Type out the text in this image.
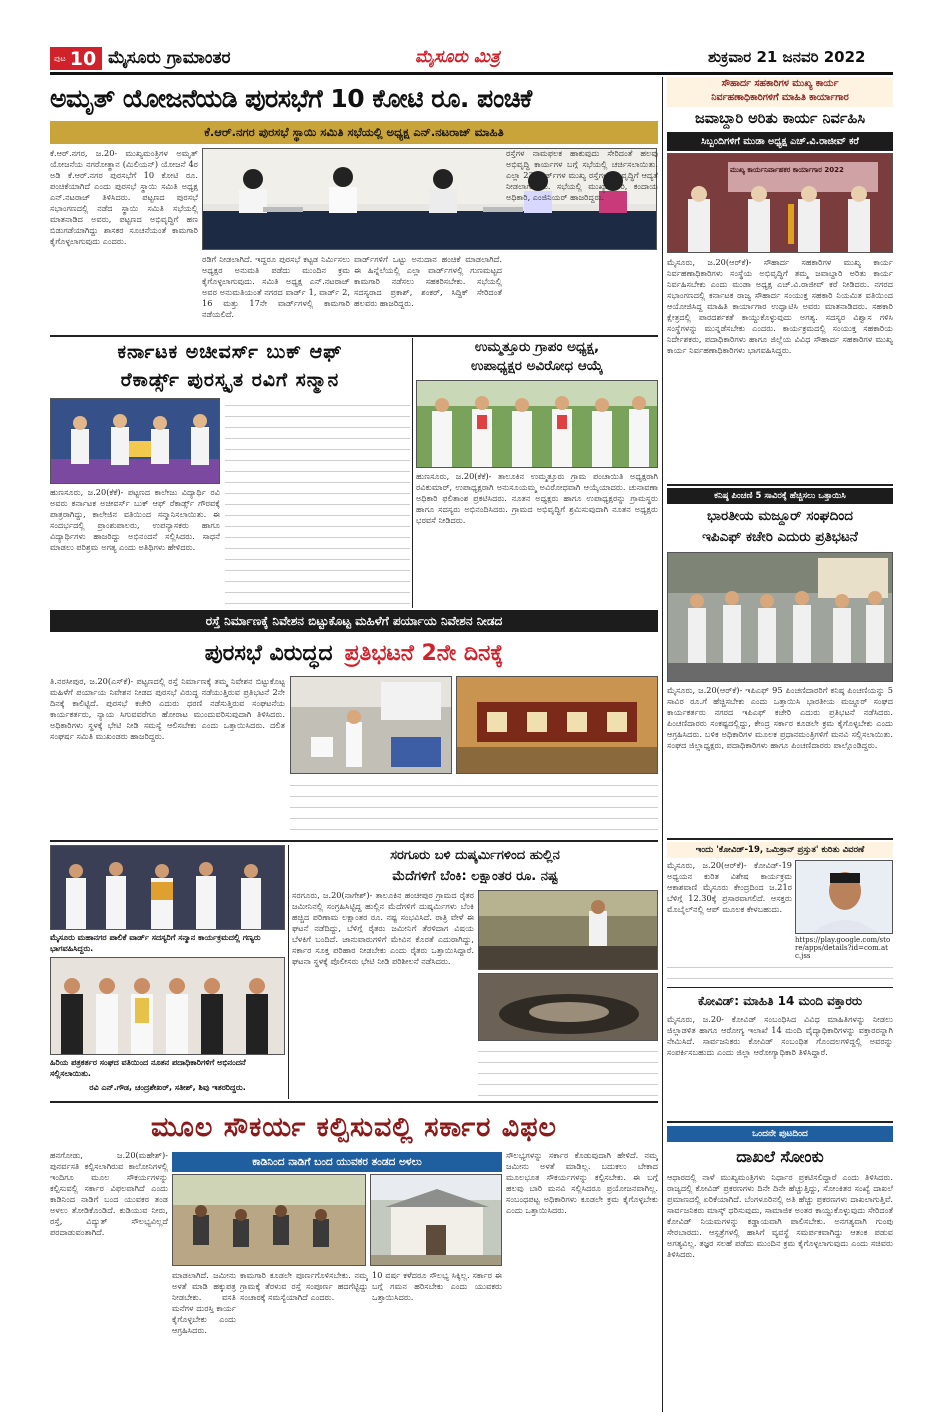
ಪುಟ 10 ಮೈಸೂರು ಗ್ರಾಮಾಂತರ	ಮೈಸೂರು ಮಿತ್ರ	ಶುಕ್ರವಾರ 21 ಜನವರಿ 2022
ಅಮೃತ್ ಯೋಜನೆಯಡಿ ಪುರಸಭೆಗೆ 10 ಕೋಟಿ ರೂ. ಪಂಚಿಕೆ
ಕೆ.ಆರ್.ನಗರ ಪುರಸಭೆ ಸ್ಥಾಯಿ ಸಮಿತಿ ಸಭೆಯಲ್ಲಿ ಅಧ್ಯಕ್ಷ ಎನ್.ನಟರಾಜ್ ಮಾಹಿತಿ
ಕೆ.ಆರ್.ನಗರ, ಜ.20- ಮುಖ್ಯಮಂತ್ರಿಗಳ ಅಮೃತ್ ಯೋಜನೆಯ ನಗರೋತ್ಥಾನ (ಮಿಲಿಯನ್) ಯೋಜನೆ 4ರ ಅಡಿ ಕೆ.ಆರ್.ನಗರ ಪುರಸಭೆಗೆ 10 ಕೋಟಿ ರೂ. ಪಂಚಿಕೆಯಾಗಿದೆ ಎಂದು ಪುರಸಭೆ ಸ್ಥಾಯಿ ಸಮಿತಿ ಅಧ್ಯಕ್ಷ ಎನ್.ನಟರಾಜ್ ತಿಳಿಸಿದರು. ಪಟ್ಟಣದ ಪುರಸಭೆ ಸಭಾಂಗಣದಲ್ಲಿ ನಡೆದ ಸ್ಥಾಯಿ ಸಮಿತಿ ಸಭೆಯಲ್ಲಿ ಮಾತನಾಡಿದ ಅವರು, ಪಟ್ಟಣದ ಅಭಿವೃದ್ಧಿಗೆ ಹಣ ಬಿಡುಗಡೆಯಾಗಿದ್ದು ಶಾಸಕರ ಸೂಚನೆಯಂತೆ ಕಾಮಗಾರಿ ಕೈಗೊಳ್ಳಲಾಗುವುದು ಎಂದರು.
ರಡಿಗೆ ನೀಡಲಾಗಿದೆ. ಇದ್ದರೂ ಪುರಸಭೆ ಕಟ್ಟಡ ನಿರ್ಮಿಸಲು ಅಧ್ಯಕ್ಷರ ಅನುಮತಿ ಪಡೆದು ಮುಂದಿನ ಕ್ರಮ ಕೈಗೊಳ್ಳಲಾಗುವುದು. ಸಮಿತಿ ಅಧ್ಯಕ್ಷ ಎನ್.ನಟರಾಜ್ ಅವರ ಅನುಮತಿಯಂತೆ ನಗರದ ವಾರ್ಡ್ 1, ವಾರ್ಡ್ 2, 16 ಮತ್ತು 17ನೇ ವಾರ್ಡ್‌ಗಳಲ್ಲಿ ಕಾಮಗಾರಿ ನಡೆಯಲಿದೆ.
ವಾರ್ಡ್‌ಗಳಿಗೆ ಒಟ್ಟು ಅನುದಾನ ಹಂಚಿಕೆ ಮಾಡಲಾಗಿದೆ. ಈ ಹಿನ್ನೆಲೆಯಲ್ಲಿ ಎಲ್ಲಾ ವಾರ್ಡ್‌ಗಳಲ್ಲಿ ಗುಣಮಟ್ಟದ ಕಾಮಗಾರಿ ನಡೆಸಲು ಸಹಕರಿಸಬೇಕು. ಸಭೆಯಲ್ಲಿ ಸದಸ್ಯರಾದ ಪ್ರಕಾಶ್, ಶಂಕರ್, ಸಿದ್ದಿಕ್ ಸೇರಿದಂತೆ ಹಲವರು ಹಾಜರಿದ್ದರು.
ರಸ್ತೆಗಳ ನಾಮಫಲಕ ಹಾಕುವುದು ಸೇರಿದಂತೆ ಹಲವು ಅಭಿವೃದ್ಧಿ ಕಾರ್ಯಗಳ ಬಗ್ಗೆ ಸಭೆಯಲ್ಲಿ ಚರ್ಚಿಸಲಾಯಿತು. ಎಲ್ಲಾ 23 ವಾರ್ಡ್‌ಗಳ ಮುಖ್ಯ ರಸ್ತೆಗಳ ಅಭಿವೃದ್ಧಿಗೆ ಆದ್ಯತೆ ನೀಡಲಾಗುವುದು. ಸಭೆಯಲ್ಲಿ ಮುಖ್ಯಾಧಿಕಾರಿ, ಕಂದಾಯ ಅಧಿಕಾರಿ, ಎಂಜಿನಿಯರ್ ಹಾಜರಿದ್ದರು.
ಸೌಹಾರ್ದ ಸಹಕಾರಿಗಳ ಮುಖ್ಯ ಕಾರ್ಯ
ನಿರ್ವಹಣಾಧಿಕಾರಿಗಳಿಗೆ ಮಾಹಿತಿ ಕಾರ್ಯಾಗಾರ
ಜವಾಬ್ದಾರಿ ಅರಿತು ಕಾರ್ಯ ನಿರ್ವಹಿಸಿ
ಸಿಬ್ಬಂದಿಗಳಿಗೆ ಮುಡಾ ಅಧ್ಯಕ್ಷ ಎಚ್.ವಿ.ರಾಜೀವ್ ಕರೆ
ಮುಖ್ಯ ಕಾರ್ಯನಿರ್ವಾಹಕರ ಕಾರ್ಯಾಗಾರ 2022
ಮೈಸೂರು, ಜ.20(ಆರ್‌ಕೆ)- ಸೌಹಾರ್ದ ಸಹಕಾರಿಗಳ ಮುಖ್ಯ ಕಾರ್ಯ ನಿರ್ವಹಣಾಧಿಕಾರಿಗಳು ಸಂಸ್ಥೆಯ ಅಭಿವೃದ್ಧಿಗೆ ತಮ್ಮ ಜವಾಬ್ದಾರಿ ಅರಿತು ಕಾರ್ಯ ನಿರ್ವಹಿಸಬೇಕು ಎಂದು ಮುಡಾ ಅಧ್ಯಕ್ಷ ಎಚ್.ವಿ.ರಾಜೀವ್ ಕರೆ ನೀಡಿದರು. ನಗರದ ಸಭಾಂಗಣದಲ್ಲಿ ಕರ್ನಾಟಕ ರಾಜ್ಯ ಸೌಹಾರ್ದ ಸಂಯುಕ್ತ ಸಹಕಾರಿ ನಿಯಮಿತ ವತಿಯಿಂದ ಆಯೋಜಿಸಿದ್ದ ಮಾಹಿತಿ ಕಾರ್ಯಾಗಾರ ಉದ್ಘಾಟಿಸಿ ಅವರು ಮಾತನಾಡಿದರು. ಸಹಕಾರಿ ಕ್ಷೇತ್ರದಲ್ಲಿ ಪಾರದರ್ಶಕತೆ ಕಾಯ್ದುಕೊಳ್ಳುವುದು ಅಗತ್ಯ. ಸದಸ್ಯರ ವಿಶ್ವಾಸ ಗಳಿಸಿ ಸಂಸ್ಥೆಗಳನ್ನು ಮುನ್ನಡೆಸಬೇಕು ಎಂದರು. ಕಾರ್ಯಕ್ರಮದಲ್ಲಿ ಸಂಯುಕ್ತ ಸಹಕಾರಿಯ ನಿರ್ದೇಶಕರು, ಪದಾಧಿಕಾರಿಗಳು ಹಾಗೂ ಜಿಲ್ಲೆಯ ವಿವಿಧ ಸೌಹಾರ್ದ ಸಹಕಾರಿಗಳ ಮುಖ್ಯ ಕಾರ್ಯ ನಿರ್ವಹಣಾಧಿಕಾರಿಗಳು ಭಾಗವಹಿಸಿದ್ದರು.
ಕರ್ನಾಟಕ ಅಚೀವರ್ಸ್ ಬುಕ್ ಆಫ್
ರೆಕಾರ್ಡ್ಸ್ ಪುರಸ್ಕೃತ ರವಿಗೆ ಸನ್ಮಾನ
ಹುಣಸೂರು, ಜ.20(ಕೆಕೆ)- ಪಟ್ಟಣದ ಕಾಲೇಜು ವಿದ್ಯಾರ್ಥಿ ರವಿ ಅವರು ಕರ್ನಾಟಕ ಅಚೀವರ್ಸ್ ಬುಕ್ ಆಫ್ ರೆಕಾರ್ಡ್ಸ್ ಗೌರವಕ್ಕೆ ಪಾತ್ರರಾಗಿದ್ದು, ಕಾಲೇಜಿನ ವತಿಯಿಂದ ಸನ್ಮಾನಿಸಲಾಯಿತು. ಈ ಸಂದರ್ಭದಲ್ಲಿ ಪ್ರಾಂಶುಪಾಲರು, ಉಪನ್ಯಾಸಕರು ಹಾಗೂ ವಿದ್ಯಾರ್ಥಿಗಳು ಹಾಜರಿದ್ದು ಅಭಿನಂದನೆ ಸಲ್ಲಿಸಿದರು. ಸಾಧನೆ ಮಾಡಲು ಪರಿಶ್ರಮ ಅಗತ್ಯ ಎಂದು ಅತಿಥಿಗಳು ಹೇಳಿದರು.
ಉಮ್ಮತ್ತೂರು ಗ್ರಾಪಂ ಅಧ್ಯಕ್ಷ,
ಉಪಾಧ್ಯಕ್ಷರ ಅವಿರೋಧ ಆಯ್ಕೆ
ಹುಣಸೂರು, ಜ.20(ಕೆಕೆ)- ತಾಲೂಕಿನ ಉಮ್ಮತ್ತೂರು ಗ್ರಾಮ ಪಂಚಾಯಿತಿ ಅಧ್ಯಕ್ಷರಾಗಿ ರವಿಕುಮಾರ್, ಉಪಾಧ್ಯಕ್ಷರಾಗಿ ಅನುಸೂಯಮ್ಮ ಅವಿರೋಧವಾಗಿ ಆಯ್ಕೆಯಾದರು. ಚುನಾವಣಾ ಅಧಿಕಾರಿ ಫಲಿತಾಂಶ ಪ್ರಕಟಿಸಿದರು. ನೂತನ ಅಧ್ಯಕ್ಷರು ಹಾಗೂ ಉಪಾಧ್ಯಕ್ಷರನ್ನು ಗ್ರಾಮಸ್ಥರು ಹಾಗೂ ಸದಸ್ಯರು ಅಭಿನಂದಿಸಿದರು. ಗ್ರಾಮದ ಅಭಿವೃದ್ಧಿಗೆ ಶ್ರಮಿಸುವುದಾಗಿ ನೂತನ ಅಧ್ಯಕ್ಷರು ಭರವಸೆ ನೀಡಿದರು.
ಕನಿಷ್ಠ ಪಿಂಚಣಿ 5 ಸಾವಿರಕ್ಕೆ ಹೆಚ್ಚಿಸಲು ಒತ್ತಾಯಿಸಿ
ಭಾರತೀಯ ಮಜ್ದೂರ್ ಸಂಘದಿಂದ
ಇಪಿಎಫ್ ಕಚೇರಿ ಎದುರು ಪ್ರತಿಭಟನೆ
ಮೈಸೂರು, ಜ.20(ಆರ್‌ಕೆ)- ಇಪಿಎಫ್ 95 ಪಿಂಚಣಿದಾರರಿಗೆ ಕನಿಷ್ಠ ಪಿಂಚಣಿಯನ್ನು 5 ಸಾವಿರ ರೂ.ಗೆ ಹೆಚ್ಚಿಸಬೇಕು ಎಂದು ಒತ್ತಾಯಿಸಿ ಭಾರತೀಯ ಮಜ್ದೂರ್ ಸಂಘದ ಕಾರ್ಯಕರ್ತರು ನಗರದ ಇಪಿಎಫ್ ಕಚೇರಿ ಎದುರು ಪ್ರತಿಭಟನೆ ನಡೆಸಿದರು. ಪಿಂಚಣಿದಾರರು ಸಂಕಷ್ಟದಲ್ಲಿದ್ದು, ಕೇಂದ್ರ ಸರ್ಕಾರ ಕೂಡಲೇ ಕ್ರಮ ಕೈಗೊಳ್ಳಬೇಕು ಎಂದು ಆಗ್ರಹಿಸಿದರು. ಬಳಿಕ ಅಧಿಕಾರಿಗಳ ಮೂಲಕ ಪ್ರಧಾನಮಂತ್ರಿಗಳಿಗೆ ಮನವಿ ಸಲ್ಲಿಸಲಾಯಿತು. ಸಂಘದ ಜಿಲ್ಲಾಧ್ಯಕ್ಷರು, ಪದಾಧಿಕಾರಿಗಳು ಹಾಗೂ ಪಿಂಚಣಿದಾರರು ಪಾಲ್ಗೊಂಡಿದ್ದರು.
ರಸ್ತೆ ನಿರ್ಮಾಣಕ್ಕೆ ನಿವೇಶನ ಬಿಟ್ಟುಕೊಟ್ಟ ಮಹಿಳೆಗೆ ಪರ್ಯಾಯ ನಿವೇಶನ ನೀಡದ
ಪುರಸಭೆ ವಿರುದ್ಧದ ಪ್ರತಿಭಟನೆ 2ನೇ ದಿನಕ್ಕೆ
ತಿ.ನರಸೀಪುರ, ಜ.20(ಎಸ್‌ಕೆ)- ಪಟ್ಟಣದಲ್ಲಿ ರಸ್ತೆ ನಿರ್ಮಾಣಕ್ಕೆ ತಮ್ಮ ನಿವೇಶನ ಬಿಟ್ಟುಕೊಟ್ಟ ಮಹಿಳೆಗೆ ಪರ್ಯಾಯ ನಿವೇಶನ ನೀಡದ ಪುರಸಭೆ ವಿರುದ್ಧ ನಡೆಯುತ್ತಿರುವ ಪ್ರತಿಭಟನೆ 2ನೇ ದಿನಕ್ಕೆ ಕಾಲಿಟ್ಟಿದೆ. ಪುರಸಭೆ ಕಚೇರಿ ಎದುರು ಧರಣಿ ನಡೆಸುತ್ತಿರುವ ಸಂಘಟನೆಯ ಕಾರ್ಯಕರ್ತರು, ನ್ಯಾಯ ಸಿಗುವವರೆಗೂ ಹೋರಾಟ ಮುಂದುವರಿಸುವುದಾಗಿ ತಿಳಿಸಿದರು. ಅಧಿಕಾರಿಗಳು ಸ್ಥಳಕ್ಕೆ ಭೇಟಿ ನೀಡಿ ಸಮಸ್ಯೆ ಆಲಿಸಬೇಕು ಎಂದು ಒತ್ತಾಯಿಸಿದರು. ದಲಿತ ಸಂಘರ್ಷ ಸಮಿತಿ ಮುಖಂಡರು ಹಾಜರಿದ್ದರು.
ಇಂದು 'ಕೋವಿಡ್-19, ಒಮಿಕ್ರಾನ್ ಪ್ರಸ್ತುತ' ಕುರಿತು ವಿವರಣೆ
ಮೈಸೂರು, ಜ.20(ಆರ್‌ಕೆ)- ಕೋವಿಡ್-19 ಅಧ್ಯಯನ ಕುರಿತ ವಿಶೇಷ ಕಾರ್ಯಕ್ರಮ ಆಕಾಶವಾಣಿ ಮೈಸೂರು ಕೇಂದ್ರದಿಂದ ಜ.21ರ ಬೆಳಿಗ್ಗೆ 12.30ಕ್ಕೆ ಪ್ರಸಾರವಾಗಲಿದೆ. ಆಸಕ್ತರು ಮೊಬೈಲ್‌ನಲ್ಲಿ ಆಪ್ ಮೂಲಕ ಕೇಳಬಹುದು.
https://play.google.com/store/apps/details?id=com.atc.jss
ಕೋವಿಡ್: ಮಾಹಿತಿ 14 ಮಂದಿ ವಕ್ತಾರರು
ಮೈಸೂರು, ಜ.20- ಕೋವಿಡ್ ಸಂಬಂಧಿಸಿದ ವಿವಿಧ ಮಾಹಿತಿಗಳನ್ನು ನೀಡಲು ಜಿಲ್ಲಾಡಳಿತ ಹಾಗೂ ಆರೋಗ್ಯ ಇಲಾಖೆ 14 ಮಂದಿ ವೈದ್ಯಾಧಿಕಾರಿಗಳನ್ನು ವಕ್ತಾರರನ್ನಾಗಿ ನೇಮಿಸಿದೆ. ಸಾರ್ವಜನಿಕರು ಕೋವಿಡ್ ಸಂಬಂಧಿತ ಗೊಂದಲಗಳಿದ್ದಲ್ಲಿ ಅವರನ್ನು ಸಂಪರ್ಕಿಸಬಹುದು ಎಂದು ಜಿಲ್ಲಾ ಆರೋಗ್ಯಾಧಿಕಾರಿ ತಿಳಿಸಿದ್ದಾರೆ.
ಮೈಸೂರು ಮಹಾನಗರ ಪಾಲಿಕೆ ವಾರ್ಡ್ ಸದಸ್ಯರಿಗೆ ಸನ್ಮಾನ ಕಾರ್ಯಕ್ರಮದಲ್ಲಿ ಗಣ್ಯರು ಭಾಗವಹಿಸಿದ್ದರು.
ಹಿರಿಯ ಪತ್ರಕರ್ತರ ಸಂಘದ ವತಿಯಿಂದ ನೂತನ ಪದಾಧಿಕಾರಿಗಳಿಗೆ ಅಭಿನಂದನೆ ಸಲ್ಲಿಸಲಾಯಿತು.
ರವಿ ಎನ್.ಗೌಡ, ಚಂದ್ರಶೇಖರ್, ಸತೀಶ್, ಶಿವು ಇತರರಿದ್ದರು.
ಸರಗೂರು ಬಳಿ ದುಷ್ಕರ್ಮಿಗಳಿಂದ ಹುಲ್ಲಿನ
ಮೆದೆಗಳಿಗೆ ಬೆಂಕಿ: ಲಕ್ಷಾಂತರ ರೂ. ನಷ್ಟ
ಸರಗೂರು, ಜ.20(ನಾಗೇಶ್)- ತಾಲೂಕಿನ ಹಂಚೀಪುರ ಗ್ರಾಮದ ರೈತರ ಜಮೀನಿನಲ್ಲಿ ಸಂಗ್ರಹಿಸಿಟ್ಟಿದ್ದ ಹುಲ್ಲಿನ ಮೆದೆಗಳಿಗೆ ದುಷ್ಕರ್ಮಿಗಳು ಬೆಂಕಿ ಹಚ್ಚಿದ ಪರಿಣಾಮ ಲಕ್ಷಾಂತರ ರೂ. ನಷ್ಟ ಸಂಭವಿಸಿದೆ. ರಾತ್ರಿ ವೇಳೆ ಈ ಘಟನೆ ನಡೆದಿದ್ದು, ಬೆಳಿಗ್ಗೆ ರೈತರು ಜಮೀನಿಗೆ ತೆರಳಿದಾಗ ವಿಷಯ ಬೆಳಕಿಗೆ ಬಂದಿದೆ. ಜಾನುವಾರುಗಳಿಗೆ ಮೇವಿನ ಕೊರತೆ ಎದುರಾಗಿದ್ದು, ಸರ್ಕಾರ ಸೂಕ್ತ ಪರಿಹಾರ ನೀಡಬೇಕು ಎಂದು ರೈತರು ಒತ್ತಾಯಿಸಿದ್ದಾರೆ. ಘಟನಾ ಸ್ಥಳಕ್ಕೆ ಪೊಲೀಸರು ಭೇಟಿ ನೀಡಿ ಪರಿಶೀಲನೆ ನಡೆಸಿದರು.
ಮೂಲ ಸೌಕರ್ಯ ಕಲ್ಪಿಸುವಲ್ಲಿ ಸರ್ಕಾರ ವಿಫಲ
ಹನಗೋಡು, ಜ.20(ಮಹೇಶ್)- ಪುನರ್ವಸತಿ ಕಲ್ಪಿಸಲಾಗಿರುವ ಕಾಲೋನಿಗಳಲ್ಲಿ ಇಂದಿಗೂ ಮೂಲ ಸೌಕರ್ಯಗಳನ್ನು ಕಲ್ಪಿಸುವಲ್ಲಿ ಸರ್ಕಾರ ವಿಫಲವಾಗಿದೆ ಎಂದು ಕಾಡಿನಿಂದ ನಾಡಿಗೆ ಬಂದ ಯುವಕರ ತಂಡ ಅಳಲು ತೋಡಿಕೊಂಡಿದೆ. ಕುಡಿಯುವ ನೀರು, ರಸ್ತೆ, ವಿದ್ಯುತ್ ಸೌಲಭ್ಯವಿಲ್ಲದೆ ಪರದಾಡುವಂತಾಗಿದೆ.
ಕಾಡಿನಿಂದ ನಾಡಿಗೆ ಬಂದ ಯುವಕರ ತಂಡದ ಅಳಲು
ಮಾಡಲಾಗಿದೆ. ಜಮೀನು ಅಳತೆ ಮಾಡಿ ಹಕ್ಕುಪತ್ರ ನೀಡಬೇಕು. ವಸತಿ ಮನೆಗಳ ದುರಸ್ತಿ ಕಾರ್ಯ ಕೈಗೊಳ್ಳಬೇಕು ಎಂದು ಆಗ್ರಹಿಸಿದರು.
ಕಾಮಗಾರಿ ಕೂಡಲೇ ಪೂರ್ಣಗೊಳಿಸಬೇಕು. ನಮ್ಮ ಗ್ರಾಮಕ್ಕೆ ತೆರಳುವ ರಸ್ತೆ ಸಂಪೂರ್ಣ ಹದಗೆಟ್ಟಿದ್ದು ಸಂಚಾರಕ್ಕೆ ಸಮಸ್ಯೆಯಾಗಿದೆ ಎಂದರು.
10 ವರ್ಷ ಕಳೆದರೂ ಸೌಲಭ್ಯ ಸಿಕ್ಕಿಲ್ಲ. ಸರ್ಕಾರ ಈ ಬಗ್ಗೆ ಗಮನ ಹರಿಸಬೇಕು ಎಂದು ಯುವಕರು ಒತ್ತಾಯಿಸಿದರು.
ಸೌಲಭ್ಯಗಳನ್ನು ಸರ್ಕಾರ ಕೊಡುವುದಾಗಿ ಹೇಳಿದೆ. ನಮ್ಮ ಜಮೀನು ಅಳತೆ ಮಾಡಿಲ್ಲ. ಬದುಕಲು ಬೇಕಾದ ಮೂಲಭೂತ ಸೌಕರ್ಯಗಳನ್ನು ಕಲ್ಪಿಸಬೇಕು. ಈ ಬಗ್ಗೆ ಹಲವು ಬಾರಿ ಮನವಿ ಸಲ್ಲಿಸಿದರೂ ಪ್ರಯೋಜನವಾಗಿಲ್ಲ. ಸಂಬಂಧಪಟ್ಟ ಅಧಿಕಾರಿಗಳು ಕೂಡಲೇ ಕ್ರಮ ಕೈಗೊಳ್ಳಬೇಕು ಎಂದು ಒತ್ತಾಯಿಸಿದರು.
ಒಂದನೇ ಪುಟದಿಂದ
ದಾಖಲೆ ಸೋಂಕು
ಆಧಾರದಲ್ಲಿ ನಾಳೆ ಮುಖ್ಯಮಂತ್ರಿಗಳು ನಿರ್ಧಾರ ಪ್ರಕಟಿಸಲಿದ್ದಾರೆ ಎಂದು ತಿಳಿಸಿದರು. ರಾಜ್ಯದಲ್ಲಿ ಕೋವಿಡ್ ಪ್ರಕರಣಗಳು ದಿನೇ ದಿನೇ ಹೆಚ್ಚುತ್ತಿದ್ದು, ಸೋಂಕಿತರ ಸಂಖ್ಯೆ ದಾಖಲೆ ಪ್ರಮಾಣದಲ್ಲಿ ಏರಿಕೆಯಾಗಿದೆ. ಬೆಂಗಳೂರಿನಲ್ಲಿ ಅತಿ ಹೆಚ್ಚು ಪ್ರಕರಣಗಳು ದಾಖಲಾಗುತ್ತಿವೆ. ಸಾರ್ವಜನಿಕರು ಮಾಸ್ಕ್ ಧರಿಸುವುದು, ಸಾಮಾಜಿಕ ಅಂತರ ಕಾಯ್ದುಕೊಳ್ಳುವುದು ಸೇರಿದಂತೆ ಕೋವಿಡ್ ನಿಯಮಗಳನ್ನು ಕಡ್ಡಾಯವಾಗಿ ಪಾಲಿಸಬೇಕು. ಅನಗತ್ಯವಾಗಿ ಗುಂಪು ಸೇರಬಾರದು. ಆಸ್ಪತ್ರೆಗಳಲ್ಲಿ ಹಾಸಿಗೆ ವ್ಯವಸ್ಥೆ ಸಮರ್ಪಕವಾಗಿದ್ದು ಆತಂಕ ಪಡುವ ಅಗತ್ಯವಿಲ್ಲ. ತಜ್ಞರ ಸಲಹೆ ಪಡೆದು ಮುಂದಿನ ಕ್ರಮ ಕೈಗೊಳ್ಳಲಾಗುವುದು ಎಂದು ಸಚಿವರು ತಿಳಿಸಿದರು.
